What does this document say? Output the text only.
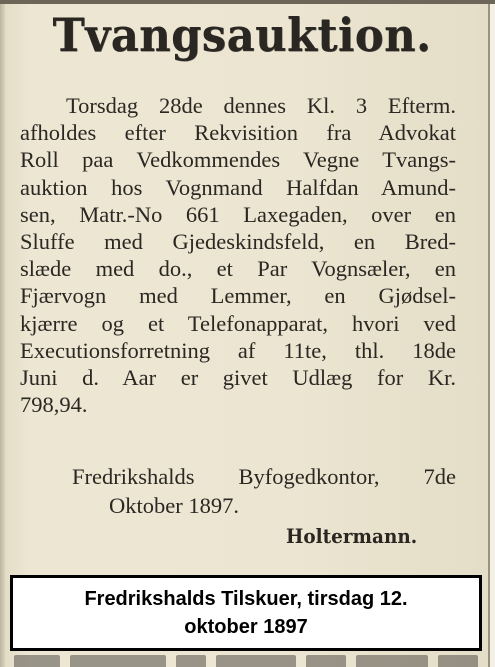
Tvangsauktion.
Torsdag 28de dennes Kl. 3 Efterm.
afholdes efter Rekvisition fra Advokat
Roll paa Vedkommendes Vegne Tvangs-
auktion hos Vognmand Halfdan Amund-
sen, Matr.-No 661 Laxegaden, over en
Sluffe med Gjedeskindsfeld, en Bred-
slæde med do., et Par Vognsæler, en
Fjærvogn med Lemmer, en Gjødsel-
kjærre og et Telefonapparat, hvori ved
Executionsforretning af 11te, thl. 18de
Juni d. Aar er givet Udlæg for Kr.
798,94.
Fredrikshalds Byfogedkontor, 7de
Oktober 1897.
Holtermann.
Fredrikshalds Tilskuer, tirsdag 12.
oktober 1897
